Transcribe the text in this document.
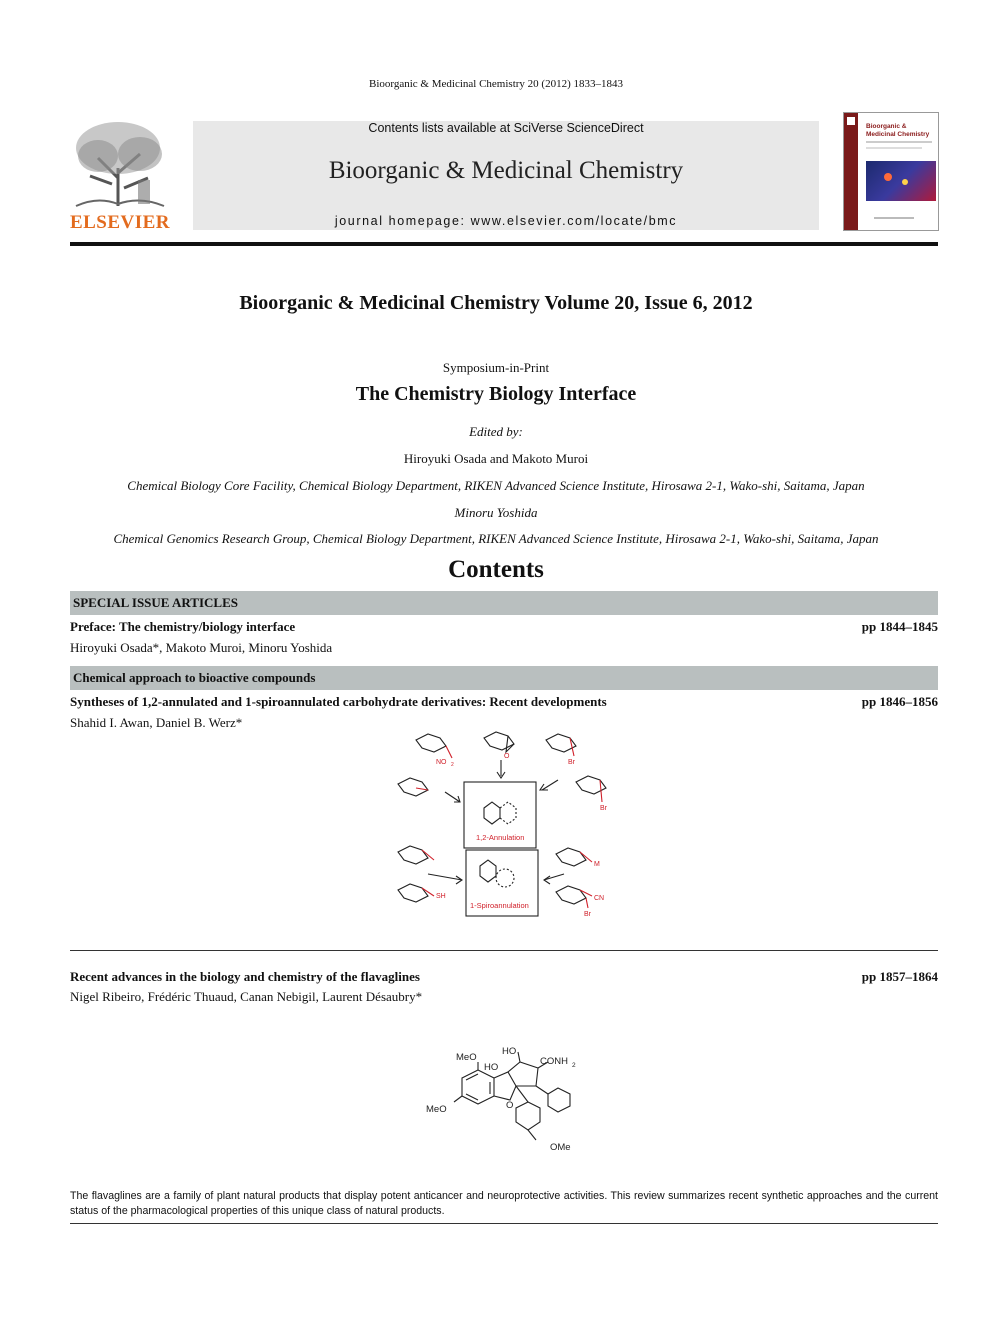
Bioorganic & Medicinal Chemistry 20 (2012) 1833–1843
ELSEVIER
Contents lists available at SciVerse ScienceDirect
Bioorganic & Medicinal Chemistry
journal homepage: www.elsevier.com/locate/bmc
Bioorganic & Medicinal Chemistry
Bioorganic & Medicinal Chemistry Volume 20, Issue 6, 2012
Symposium-in-Print
The Chemistry Biology Interface
Edited by:
Hiroyuki Osada and Makoto Muroi
Chemical Biology Core Facility, Chemical Biology Department, RIKEN Advanced Science Institute, Hirosawa 2-1, Wako-shi, Saitama, Japan
Minoru Yoshida
Chemical Genomics Research Group, Chemical Biology Department, RIKEN Advanced Science Institute, Hirosawa 2-1, Wako-shi, Saitama, Japan
Contents
SPECIAL ISSUE ARTICLES
Preface: The chemistry/biology interface	pp 1844–1845
Hiroyuki Osada*, Makoto Muroi, Minoru Yoshida
Chemical approach to bioactive compounds
Syntheses of 1,2-annulated and 1-spiroannulated carbohydrate derivatives: Recent developments	pp 1846–1856
Shahid I. Awan, Daniel B. Werz*
NO 2
O
Br
Br
1,2-Annulation
1-Spiroannulation
M
SH	CN
Br
Recent advances in the biology and chemistry of the flavaglines	pp 1857–1864
Nigel Ribeiro, Frédéric Thuaud, Canan Nebigil, Laurent Désaubry*
MeO
MeO
OMe
HO
HO
CONH 2
O
The flavaglines are a family of plant natural products that display potent anticancer and neuroprotective activities. This review summarizes recent synthetic approaches and the current status of the pharmacological properties of this unique class of natural products.
